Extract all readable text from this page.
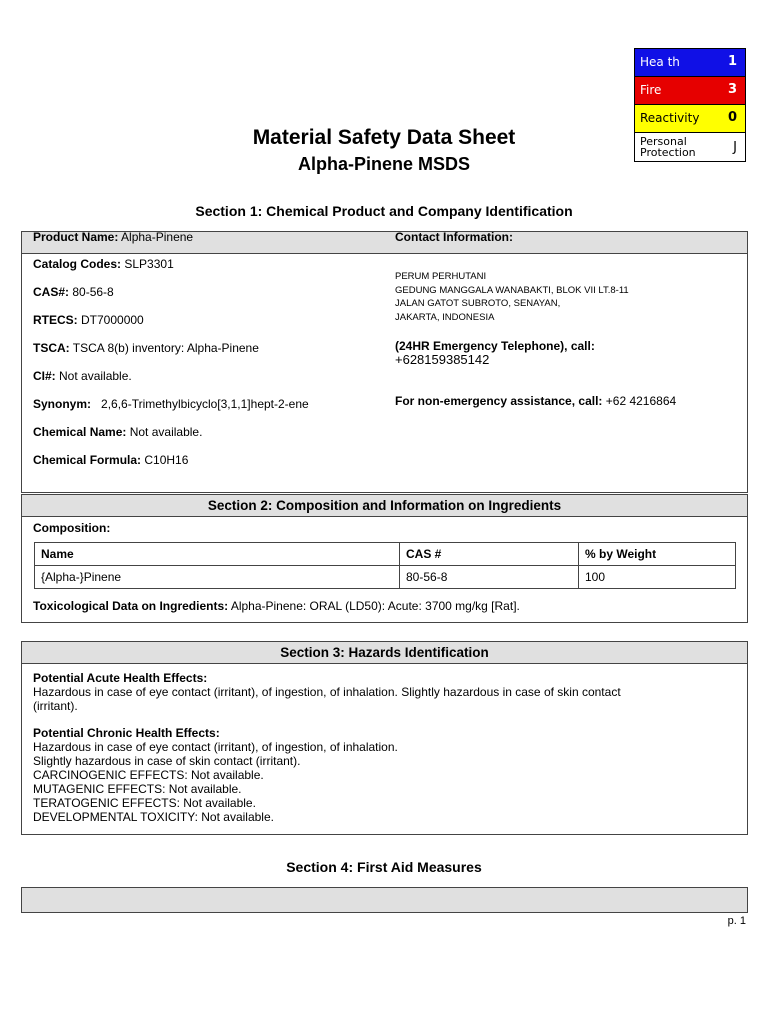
Hea th	1
Fire	3
Reactivity 0
Personal
Protection	J
Material Safety Data Sheet
Alpha-Pinene MSDS
Section 1: Chemical Product and Company Identification
Product Name: Alpha-Pinene	Contact Information:
Catalog Codes: SLP3301
CAS#: 80-56-8
RTECS: DT7000000
TSCA: TSCA 8(b) inventory: Alpha-Pinene
CI#: Not available.
Synonym:   2,6,6-Trimethylbicyclo[3,1,1]hept-2-ene
Chemical Name: Not available.
Chemical Formula: C10H16
PERUM PERHUTANI
GEDUNG MANGGALA WANABAKTI, BLOK VII LT.8-11
JALAN GATOT SUBROTO, SENAYAN,
JAKARTA, INDONESIA
(24HR Emergency Telephone), call:
+628159385142
For non-emergency assistance, call: +62 4216864
Section 2: Composition and Information on Ingredients
Composition:
Name	CAS #	% by Weight
{Alpha-}Pinene	80-56-8	100
Toxicological Data on Ingredients: Alpha-Pinene: ORAL (LD50): Acute: 3700 mg/kg [Rat].
Section 3: Hazards Identification
Potential Acute Health Effects:
Hazardous in case of eye contact (irritant), of ingestion, of inhalation. Slightly hazardous in case of skin contact
(irritant).
Potential Chronic Health Effects:
Hazardous in case of eye contact (irritant), of ingestion, of inhalation.
Slightly hazardous in case of skin contact (irritant).
CARCINOGENIC EFFECTS: Not available.
MUTAGENIC EFFECTS: Not available.
TERATOGENIC EFFECTS: Not available.
DEVELOPMENTAL TOXICITY: Not available.
Section 4: First Aid Measures
p. 1
